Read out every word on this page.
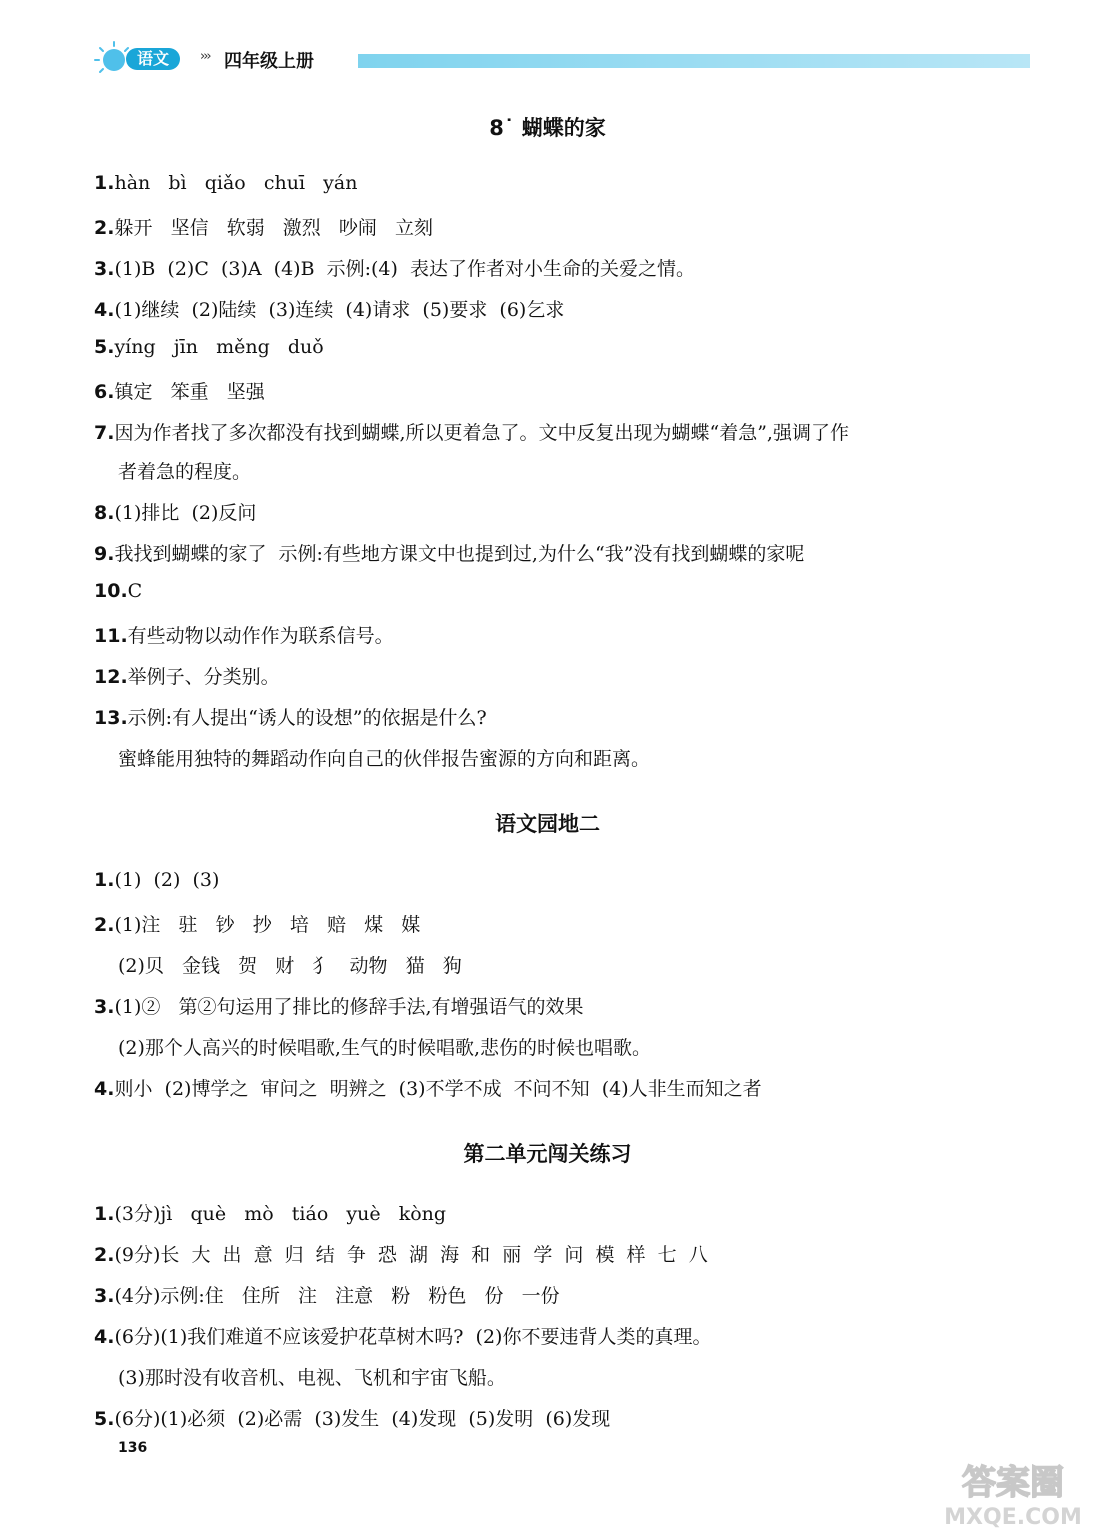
语文	››› 四年级上册
8˙ 蝴蝶的家
1.hàn   bì   qiǎo   chuī   yán
2.躲开   坚信   软弱   激烈   吵闹   立刻
3.(1)B  (2)C  (3)A  (4)B  示例:(4)  表达了作者对小生命的关爱之情。
4.(1)继续  (2)陆续  (3)连续  (4)请求  (5)要求  (6)乞求
5.yíng   jīn   měng   duǒ
6.镇定   笨重   坚强
7.因为作者找了多次都没有找到蝴蝶,所以更着急了。文中反复出现为蝴蝶“着急”,强调了作
者着急的程度。
8.(1)排比  (2)反问
9.我找到蝴蝶的家了  示例:有些地方课文中也提到过,为什么“我”没有找到蝴蝶的家呢
10.C
11.有些动物以动作作为联系信号。
12.举例子、分类别。
13.示例:有人提出“诱人的设想”的依据是什么?
蜜蜂能用独特的舞蹈动作向自己的伙伴报告蜜源的方向和距离。
语文园地二
1.(1)  (2)  (3)
2.(1)注   驻   钞   抄   培   赔   煤   媒
(2)贝   金钱   贺   财   犭   动物   猫   狗
3.(1)②   第②句运用了排比的修辞手法,有增强语气的效果
(2)那个人高兴的时候唱歌,生气的时候唱歌,悲伤的时候也唱歌。
4.则小  (2)博学之  审问之  明辨之  (3)不学不成  不问不知  (4)人非生而知之者
第二单元闯关练习
1.(3分)jì   què   mò   tiáo   yuè   kòng
2.(9分)长  大  出  意  归  结  争  恐  湖  海  和  丽  学  问  模  样  七  八
3.(4分)示例:住   住所   注   注意   粉   粉色   份   一份
4.(6分)(1)我们难道不应该爱护花草树木吗?  (2)你不要违背人类的真理。
(3)那时没有收音机、电视、飞机和宇宙飞船。
5.(6分)(1)必须  (2)必需  (3)发生  (4)发现  (5)发明  (6)发现
136
答案圈
MXQE.COM
